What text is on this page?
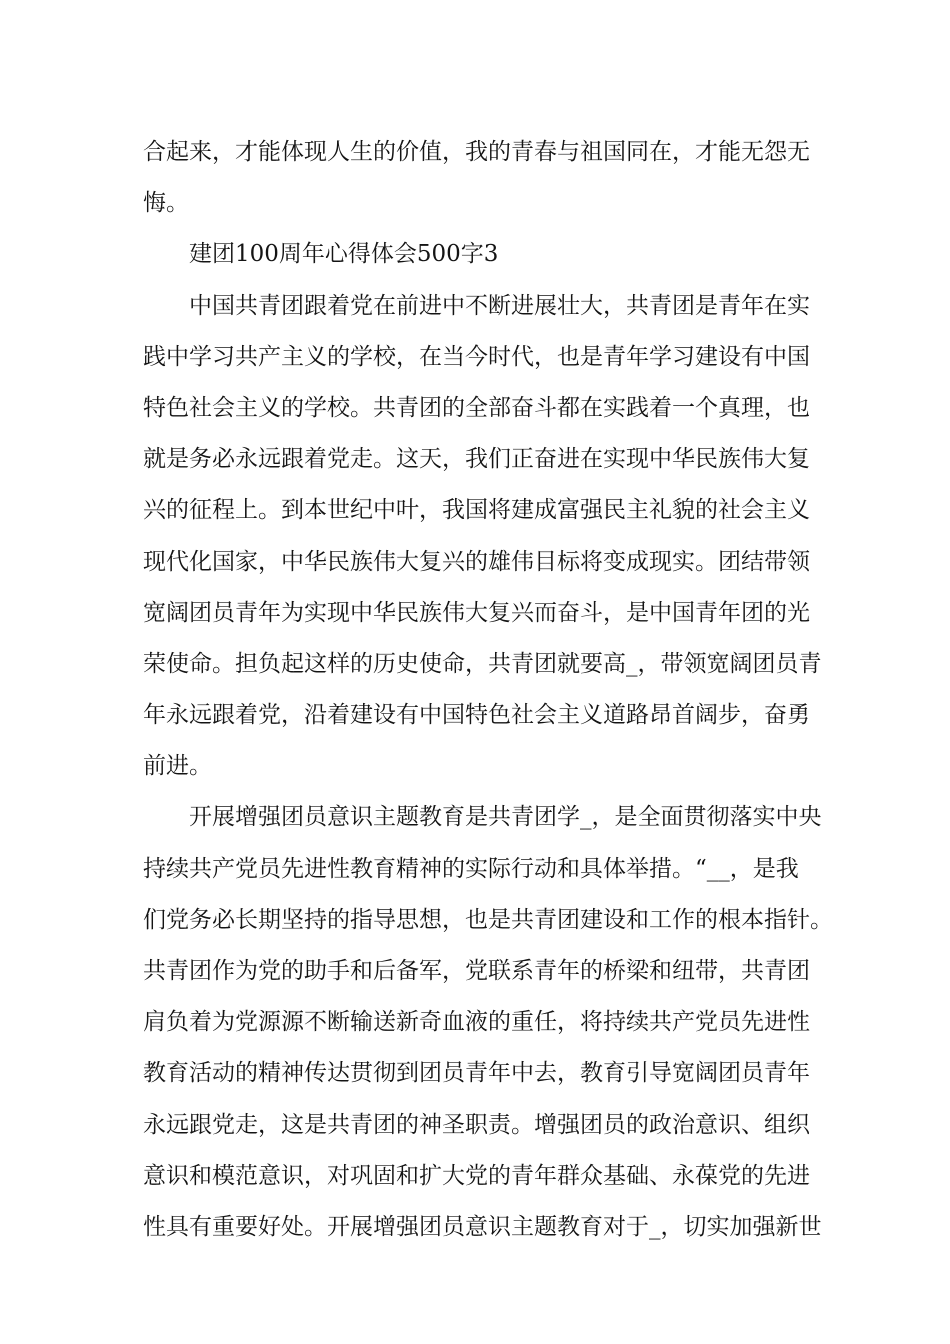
合起来，才能体现人生的价值，我的青春与祖国同在，才能无怨无
悔。
建团100周年心得体会500字3
中国共青团跟着党在前进中不断进展壮大，共青团是青年在实
践中学习共产主义的学校，在当今时代，也是青年学习建设有中国
特色社会主义的学校。共青团的全部奋斗都在实践着一个真理，也
就是务必永远跟着党走。这天，我们正奋进在实现中华民族伟大复
兴的征程上。到本世纪中叶，我国将建成富强民主礼貌的社会主义
现代化国家，中华民族伟大复兴的雄伟目标将变成现实。团结带领
宽阔团员青年为实现中华民族伟大复兴而奋斗，是中国青年团的光
荣使命。担负起这样的历史使命，共青团就要高_，带领宽阔团员青
年永远跟着党，沿着建设有中国特色社会主义道路昂首阔步，奋勇
前进。
开展增强团员意识主题教育是共青团学_，是全面贯彻落实中央
持续共产党员先进性教育精神的实际行动和具体举措。“__，是我
们党务必长期坚持的指导思想，也是共青团建设和工作的根本指针。
共青团作为党的助手和后备军，党联系青年的桥梁和纽带，共青团
肩负着为党源源不断输送新奇血液的重任，将持续共产党员先进性
教育活动的精神传达贯彻到团员青年中去，教育引导宽阔团员青年
永远跟党走，这是共青团的神圣职责。增强团员的政治意识、组织
意识和模范意识，对巩固和扩大党的青年群众基础、永葆党的先进
性具有重要好处。开展增强团员意识主题教育对于_，切实加强新世
